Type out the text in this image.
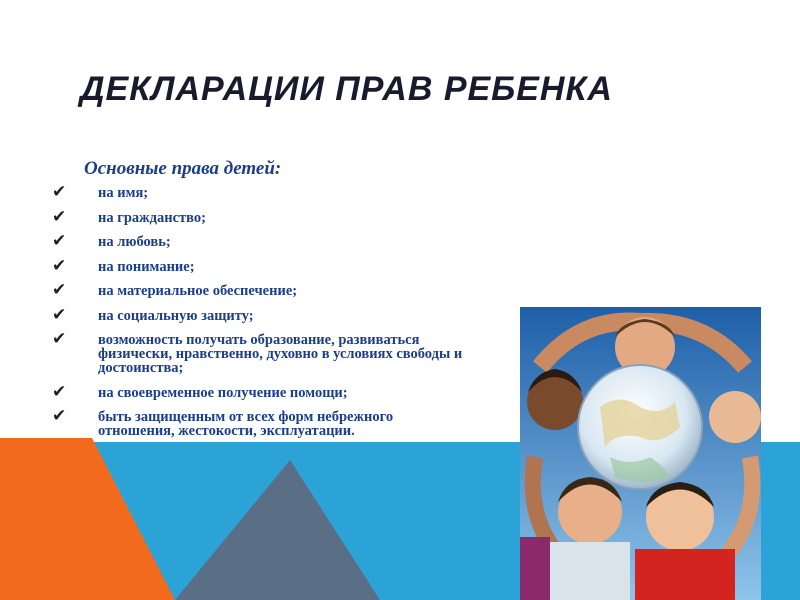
ДЕКЛАРАЦИИ ПРАВ РЕБЕНКА
Основные права детей:
✔ на имя;
✔ на гражданство;
✔ на любовь;
✔ на понимание;
✔ на материальное обеспечение;
✔ на социальную защиту;
✔ возможность получать образование, развиваться физически, нравственно, духовно в условиях свободы и достоинства;
✔ на своевременное получение помощи;
✔ быть защищенным от всех форм небрежного отношения, жестокости, эксплуатации.
